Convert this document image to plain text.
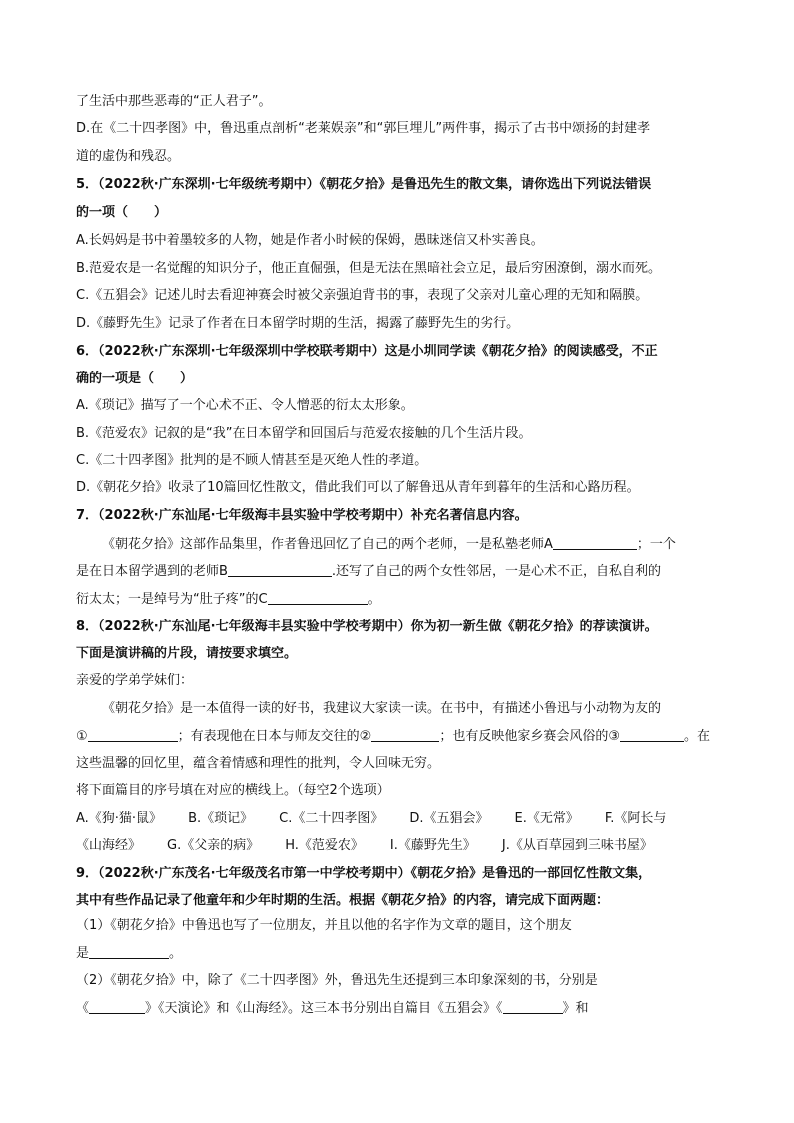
了生活中那些恶毒的“正人君子”。
D.在《二十四孝图》中，鲁迅重点剖析“老莱娱亲”和“郭巨埋儿”两件事，揭示了古书中颂扬的封建孝
道的虚伪和残忍。
5．（2022秋·广东深圳·七年级统考期中）《朝花夕拾》是鲁迅先生的散文集，请你选出下列说法错误
的一项（　　）
A.长妈妈是书中着墨较多的人物，她是作者小时候的保姆，愚昧迷信又朴实善良。
B.范爱农是一名觉醒的知识分子，他正直倔强，但是无法在黑暗社会立足，最后穷困潦倒，溺水而死。
C.《五猖会》记述儿时去看迎神赛会时被父亲强迫背书的事，表现了父亲对儿童心理的无知和隔膜。
D.《藤野先生》记录了作者在日本留学时期的生活，揭露了藤野先生的劣行。
6．（2022秋·广东深圳·七年级深圳中学校联考期中）这是小圳同学读《朝花夕拾》的阅读感受，不正
确的一项是（　　）
A.《琐记》描写了一个心术不正、令人憎恶的衍太太形象。
B.《范爱农》记叙的是“我”在日本留学和回国后与范爱农接触的几个生活片段。
C.《二十四孝图》批判的是不顾人情甚至是灭绝人性的孝道。
D.《朝花夕拾》收录了10篇回忆性散文，借此我们可以了解鲁迅从青年到暮年的生活和心路历程。
7．（2022秋·广东汕尾·七年级海丰县实验中学校考期中）补充名著信息内容。
《朝花夕拾》这部作品集里，作者鲁迅回忆了自己的两个老师，一是私塾老师A	；一个
是在日本留学遇到的老师B	.还写了自己的两个女性邻居，一是心术不正，自私自利的
衍太太；一是绰号为“肚子疼”的C	。
8．（2022秋·广东汕尾·七年级海丰县实验中学校考期中）你为初一新生做《朝花夕拾》的荐读演讲。
下面是演讲稿的片段，请按要求填空。
亲爱的学弟学妹们：
《朝花夕拾》是一本值得一读的好书，我建议大家读一读。在书中，有描述小鲁迅与小动物为友的
①	；有表现他在日本与师友交往的②	；也有反映他家乡赛会风俗的③	。在
这些温馨的回忆里，蕴含着情感和理性的批判，令人回味无穷。
将下面篇目的序号填在对应的横线上。（每空2个选项）
A.《狗·猫·鼠》 B.《琐记》 C.《二十四孝图》 D.《五猖会》 E.《无常》 F.《阿长与
《山海经》 G.《父亲的病》 H.《范爱农》 I.《藤野先生》 J.《从百草园到三味书屋》
9．（2022秋·广东茂名·七年级茂名市第一中学校考期中）《朝花夕拾》是鲁迅的一部回忆性散文集，
其中有些作品记录了他童年和少年时期的生活。根据《朝花夕拾》的内容，请完成下面两题：
（1）《朝花夕拾》中鲁迅也写了一位朋友，并且以他的名字作为文章的题目，这个朋友
是	。
（2）《朝花夕拾》中，除了《二十四孝图》外，鲁迅先生还提到三本印象深刻的书，分别是
《	》《天演论》和《山海经》。这三本书分别出自篇目《五猖会》《	》和
